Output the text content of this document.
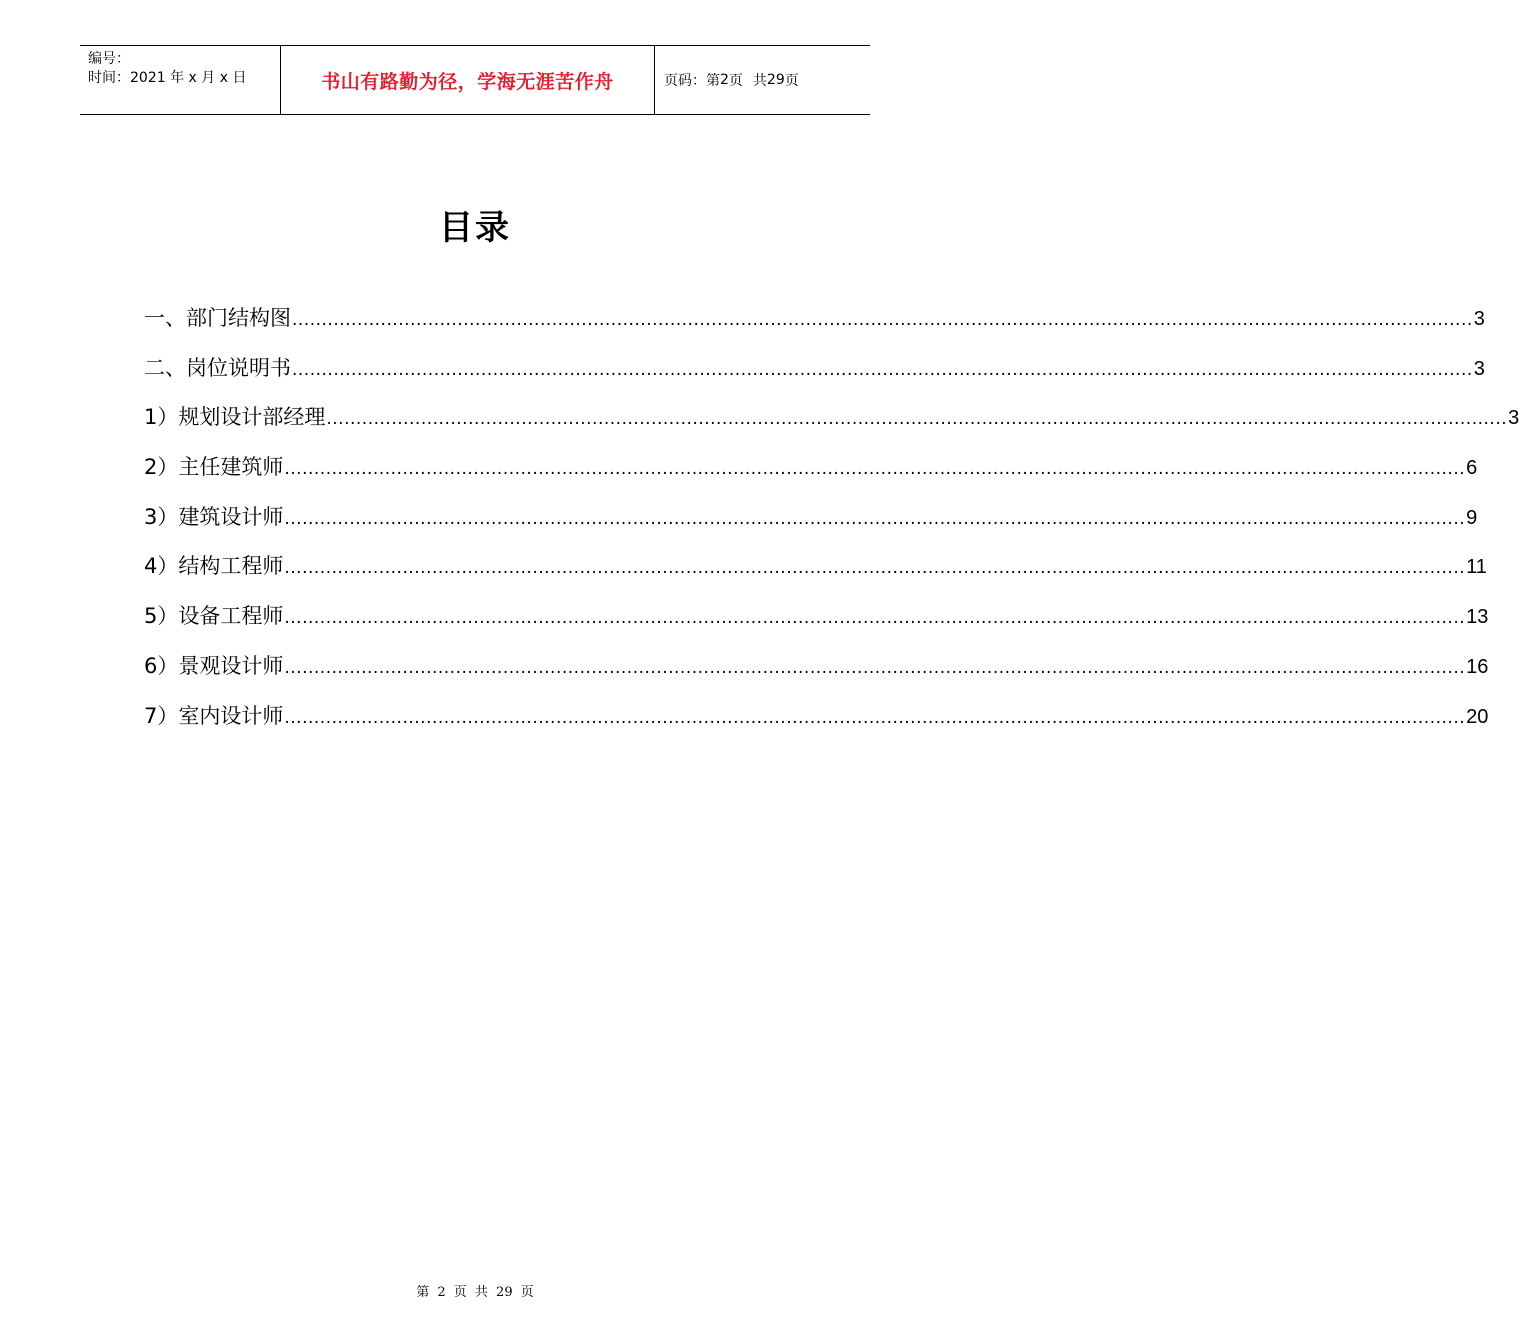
编号：
时间：2021 年 x 月 x 日	书山有路勤为径，学海无涯苦作舟	页码：第 2 页 共 29 页
目录
一、部门结构图 ........................................................................................................................................................................................................ 3
二、岗位说明书 ........................................................................................................................................................................................................ 3
1）规划设计部经理 ........................................................................................................................................................................................................ 3
2）主任建筑师 ........................................................................................................................................................................................................ 6
3）建筑设计师 ........................................................................................................................................................................................................ 9
4）结构工程师 ........................................................................................................................................................................................................ 11
5）设备工程师 ........................................................................................................................................................................................................ 13
6）景观设计师 ........................................................................................................................................................................................................ 16
7）室内设计师 ........................................................................................................................................................................................................ 20
第 2 页 共 29 页
